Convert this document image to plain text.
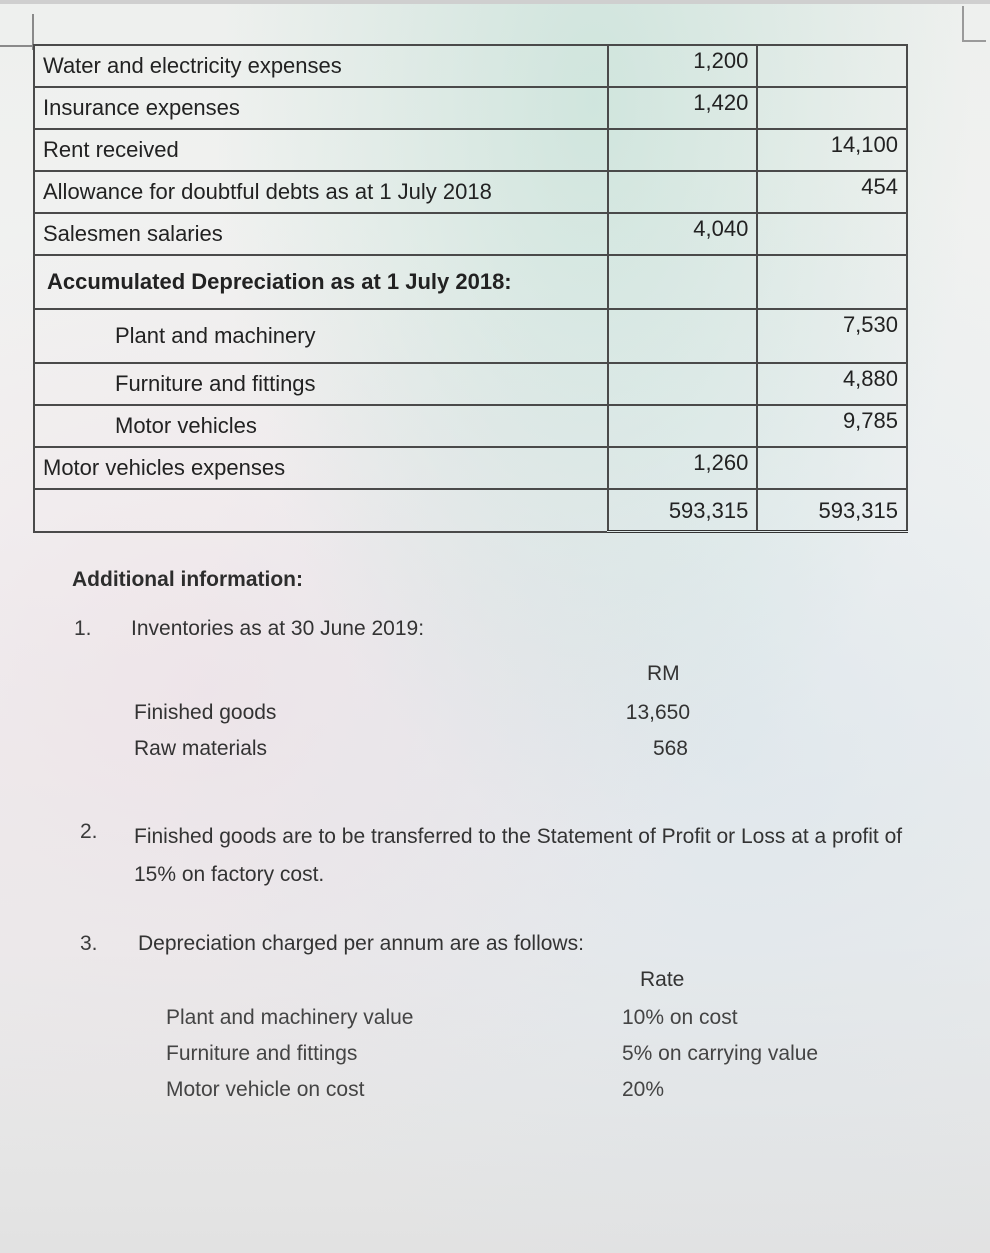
Water and electricity expenses	1,200	
Insurance expenses	1,420	
Rent received		14,100
Allowance for doubtful debts as at 1 July 2018		454
Salesmen salaries	4,040	
Accumulated Depreciation as at 1 July 2018:		
Plant and machinery		7,530
Furniture and fittings		4,880
Motor vehicles		9,785
Motor vehicles expenses	1,260	
	593,315	593,315
Additional information:
1. Inventories as at 30 June 2019:
RM
Finished goods	13,650
Raw materials	568
2. Finished goods are to be transferred to the Statement of Profit or Loss at a profit of 15% on factory cost.
3. Depreciation charged per annum are as follows:
Rate
Plant and machinery value	10% on cost
Furniture and fittings	5% on carrying value
Motor vehicle on cost	20%
